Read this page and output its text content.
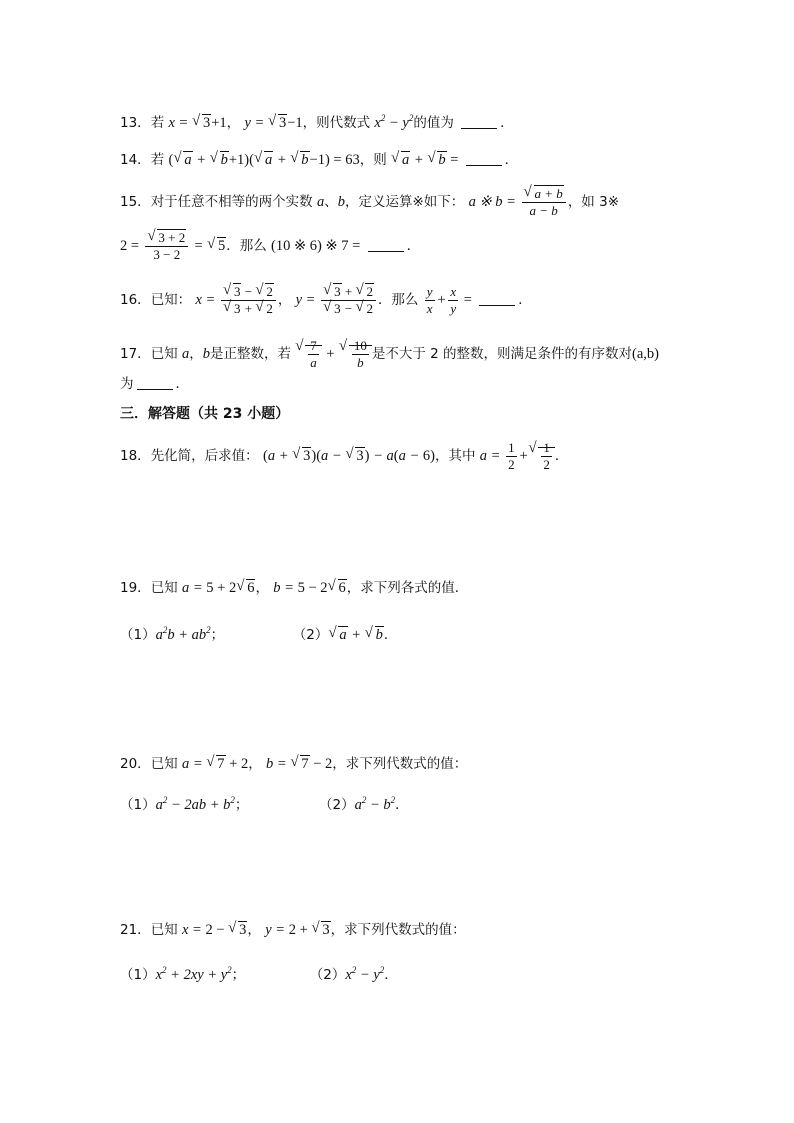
13．若 x = √ 3+1， y = √ 3−1，则代数式 $x^2 - y^2$的值为	．
14．若 ( √ a + √ b+1)( √ a + √ b−1) = 63，则 √ a + √ b =	．
15．对于任意不相等的两个实数 a、b，定义运算※如下： a ※ b = √ $\frac{a + b}{a - b}$ ，如 3※
2 = √ $\frac{3 + 2}{3 - 2}$ = √ 5．那么 (10 ※ 6) ※ 7 =	．
16．已知： x = √ 3 − √ 2
√ 3 + √ 2 ， y = √ 3 + √ 2
√ 3 − √ 2 ．那么 $\frac{y}{x} + \frac{x}{y}$ =	．
17．已知 a，b是正整数，若 √ $\frac{7}{a}$ + √ $\frac{10}{b}$ 是不大于 2 的整数，则满足条件的有序数对(a,b)
为	．
三．解答题（共 23 小题）
18．先化简，后求值： (a + √ 3)(a − √ 3) − a(a − 6)，其中 $a = \frac{1}{2}$ + √ $\frac{1}{2}$ ．
19．已知 a = 5 + 2 √ 6， b = 5 − 2 √ 6，求下列各式的值．
$(1)a^2b + ab^2$；	（2） √ a + √ b．
20．已知 a = √ 7 + 2， b = √ 7 − 2，求下列代数式的值：
$(1)a^2 - 2ab + b^2$；	$(2)a^2 - b^2$．
21．已知 x = 2 − √ 3， y = 2 + √ 3，求下列代数式的值：
$(1)x^2 + 2xy + y^2$；	$(2)x^2 - y^2$．
